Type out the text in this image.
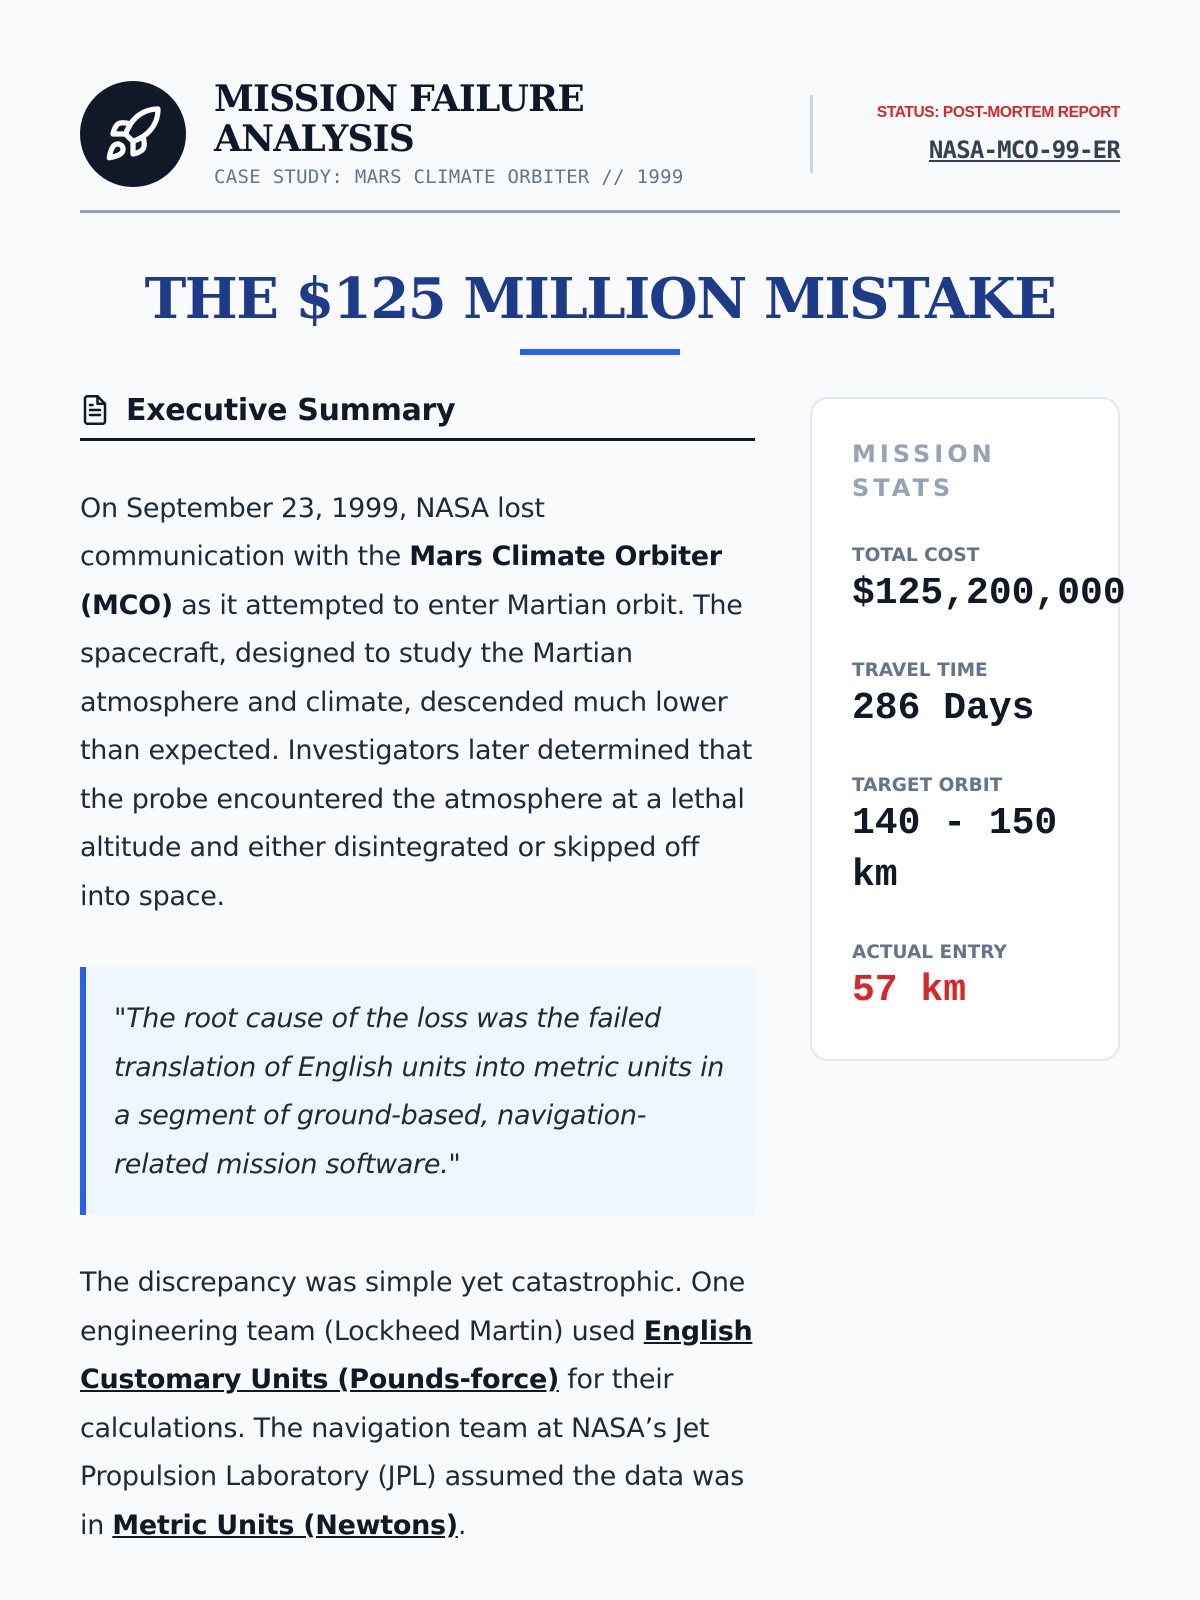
MISSION FAILURE ANALYSIS
CASE STUDY: MARS CLIMATE ORBITER // 1999
STATUS: POST-MORTEM REPORT
NASA-MCO-99-ER
THE $125 MILLION MISTAKE
Executive Summary

On September 23, 1999, NASA lost communication with the Mars Climate Orbiter (MCO) as it attempted to enter Martian orbit. The spacecraft, designed to study the Martian atmosphere and climate, descended much lower than expected. Investigators later determined that the probe encountered the atmosphere at a lethal altitude and either disintegrated or skipped off into space.

"The root cause of the loss was the failed translation of English units into metric units in a segment of ground-based, navigation-related mission software."

The discrepancy was simple yet catastrophic. One engineering team (Lockheed Martin) used English Customary Units (Pounds-force) for their calculations. The navigation team at NASA’s Jet Propulsion Laboratory (JPL) assumed the data was in Metric Units (Newtons).

MISSION STATS
TOTAL COST
$125,200,000
TRAVEL TIME
286 Days
TARGET ORBIT
140 - 150 km
ACTUAL ENTRY
57 km
